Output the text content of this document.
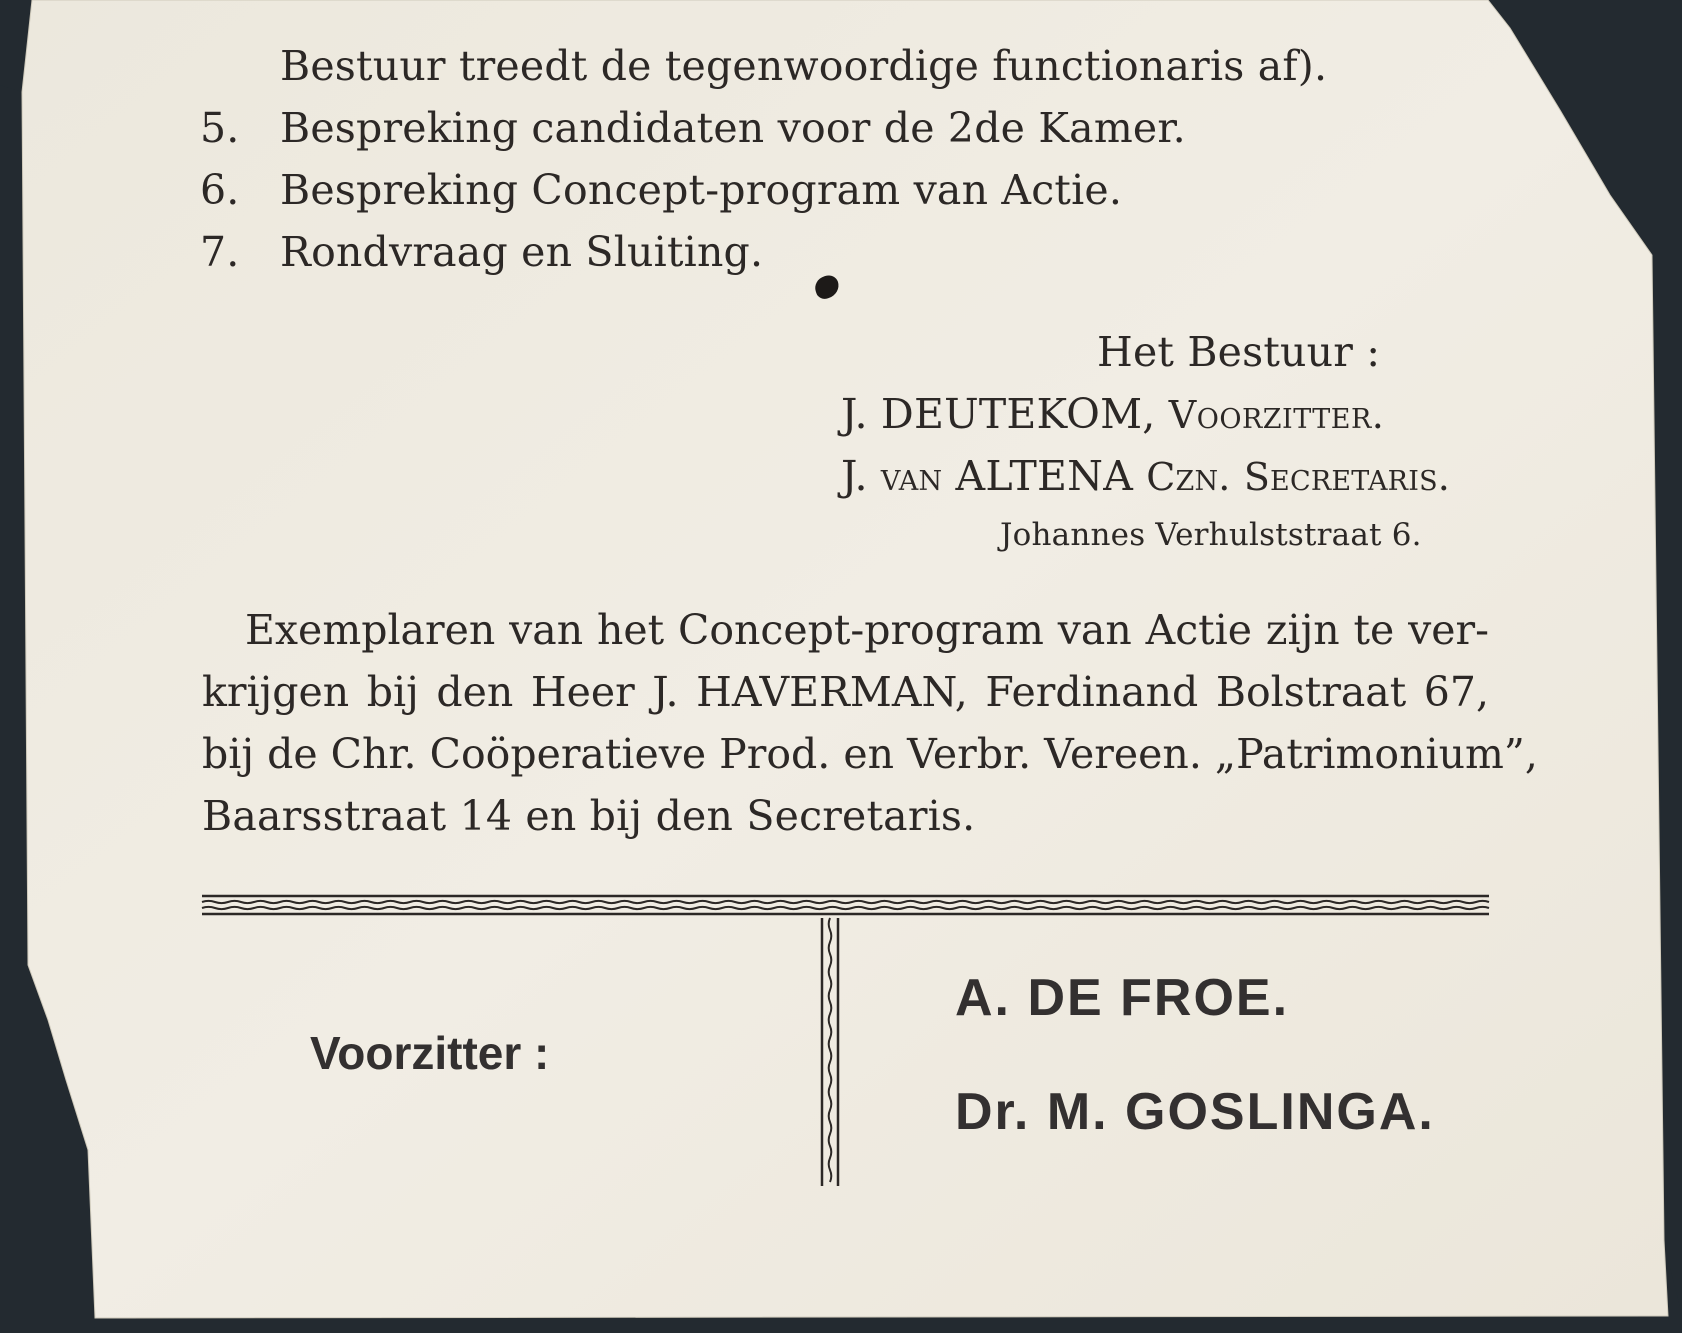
Bestuur treedt de tegenwoordige functionaris af).
5. Bespreking candidaten voor de 2de Kamer.
6. Bespreking Concept-program van Actie.
7. Rondvraag en Sluiting.
Het Bestuur :
J. DEUTEKOM, Voorzitter.
J. van ALTENA Czn. Secretaris.
Johannes Verhulststraat 6.
Exemplaren van het Concept-program van Actie zijn te ver-
krijgen bij den Heer J. HAVERMAN, Ferdinand Bolstraat 67,
bij de Chr. Coöperatieve Prod. en Verbr. Vereen. „Patrimonium”,
Baarsstraat 14 en bij den Secretaris.
Voorzitter :
A. DE FROE.
Dr. M. GOSLINGA.
